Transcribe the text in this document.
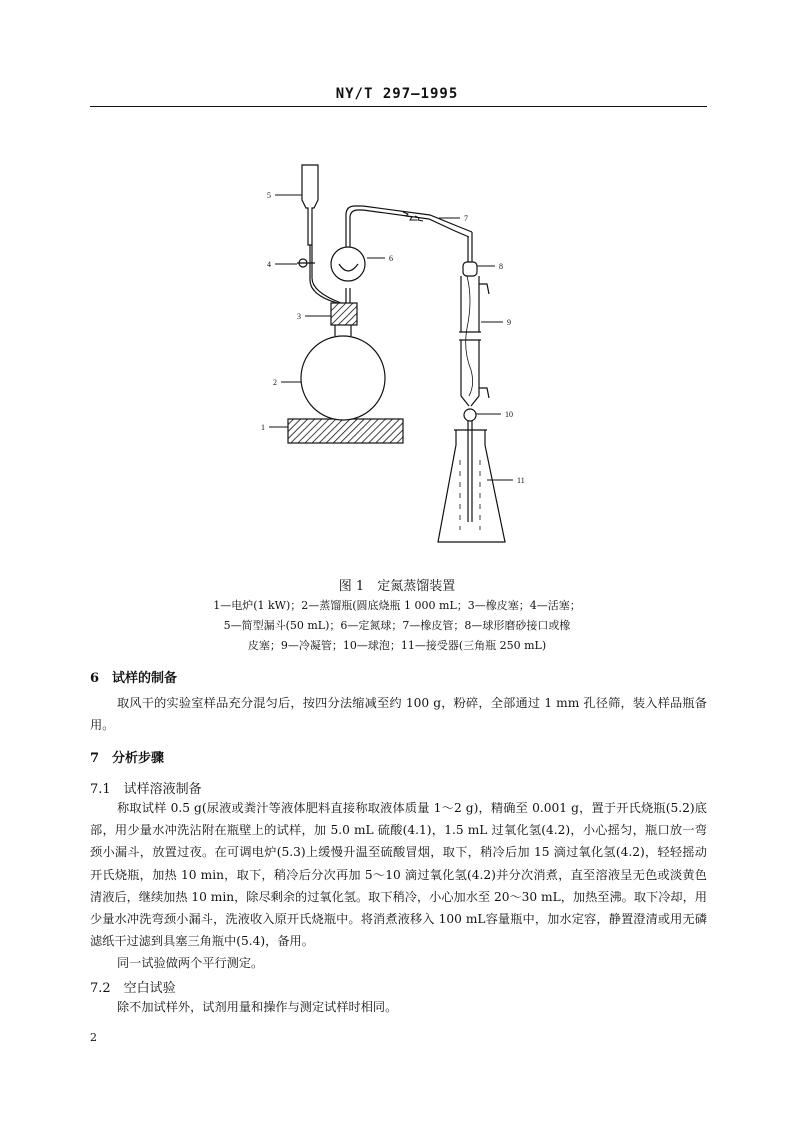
NY/T 297—1995
1
2
3
4
5
6
7
8
9
10
11
图 1　定氮蒸馏装置
1—电炉(1 kW)；2—蒸馏瓶(圆底烧瓶 1 000 mL；3—橡皮塞；4—活塞；
5—简型漏斗(50 mL)；6—定氮球；7—橡皮管；8—球形磨砂接口或橡
皮塞；9—冷凝管；10—球泡；11—接受器(三角瓶 250 mL)
6　试样的制备
取风干的实验室样品充分混匀后，按四分法缩减至约 100 g，粉碎，全部通过 1 mm 孔径筛，装入样品瓶备用。
7　分析步骤
7.1　试样溶液制备
称取试样 0.5 g(尿液或粪汁等液体肥料直接称取液体质量 1～2 g)，精确至 0.001 g，置于开氏烧瓶(5.2)底部，用少量水冲洗沾附在瓶壁上的试样，加 5.0 mL 硫酸(4.1)，1.5 mL 过氧化氢(4.2)，小心摇匀，瓶口放一弯颈小漏斗，放置过夜。在可调电炉(5.3)上缓慢升温至硫酸冒烟，取下，稍冷后加 15 滴过氧化氢(4.2)，轻轻摇动开氏烧瓶，加热 10 min，取下，稍冷后分次再加 5～10 滴过氧化氢(4.2)并分次消煮，直至溶液呈无色或淡黄色清液后，继续加热 10 min，除尽剩余的过氧化氢。取下稍冷，小心加水至 20～30 mL，加热至沸。取下冷却，用少量水冲洗弯颈小漏斗，洗液收入原开氏烧瓶中。将消煮液移入 100 mL容量瓶中，加水定容，静置澄清或用无磷滤纸干过滤到具塞三角瓶中(5.4)，备用。
同一试验做两个平行测定。
7.2　空白试验
除不加试样外，试剂用量和操作与测定试样时相同。
2
